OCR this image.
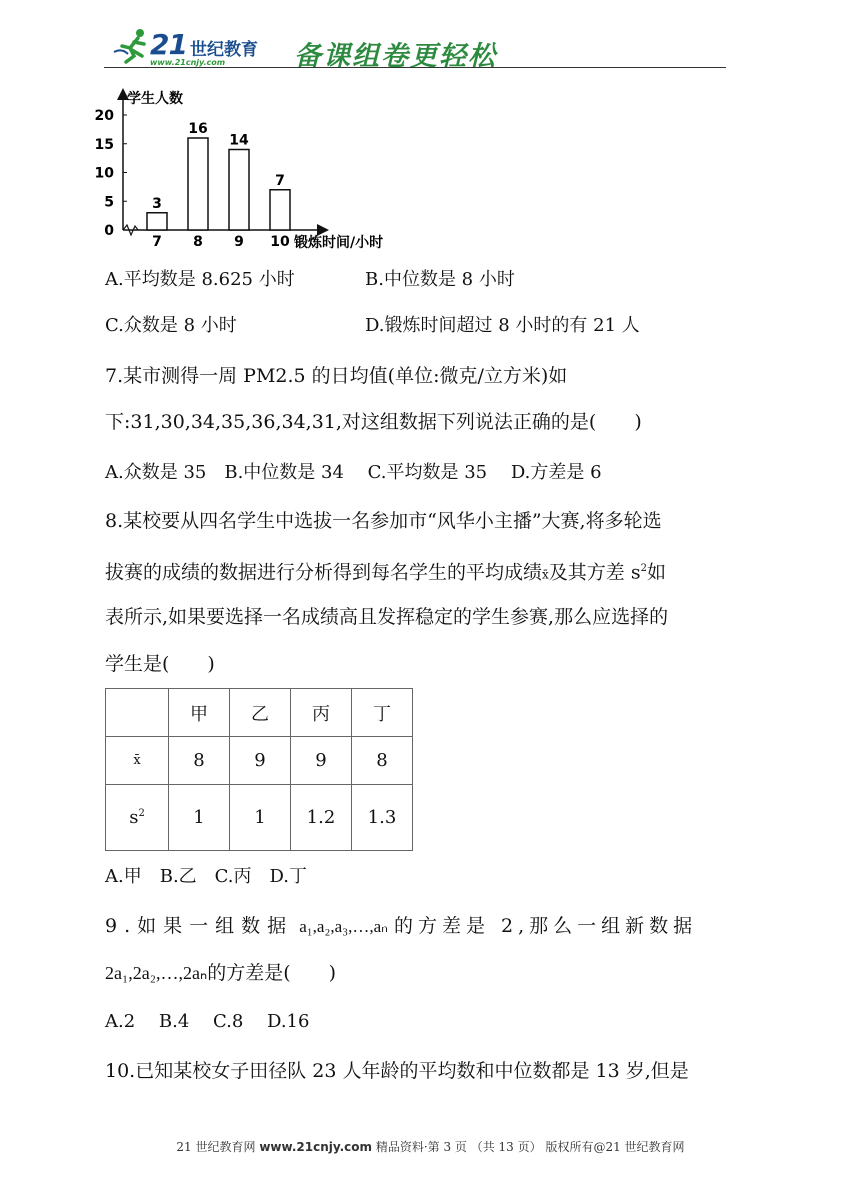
21 世纪教育
www.21cnjy.com	备课组卷更轻松
学生人数
锻炼时间/小时
0
5
10
15
20
3
7
16
8
14
9
7
10
A.平均数是 8.625 小时	B.中位数是 8 小时
C.众数是 8 小时	D.锻炼时间超过 8 小时的有 21 人
7.某市测得一周 PM2.5 的日均值(单位:微克/立方米)如
下:31,30,34,35,36,34,31,对这组数据下列说法正确的是(　　)
A.众数是 35　B.中位数是 34　 C.平均数是 35　 D.方差是 6
8.某校要从四名学生中选拔一名参加市“风华小主播”大赛,将多轮选
拔赛的成绩的数据进行分析得到每名学生的平均成绩x̄及其方差 $s^2$如
表所示,如果要选择一名成绩高且发挥稳定的学生参赛,那么应选择的
学生是(　　)
	甲	乙	丙	丁
x̄	8	9	9	8
$s^2$	1	1	1.2	1.3
A.甲　B.乙　C.丙　D.丁
9.如果一组数据 a₁,a₂,a₃,…,aₙ 的方差是 2,那么一组新数据
2a₁,2a₂,…,2aₙ的方差是(　　)
A.2　 B.4　 C.8　 D.16
10.已知某校女子田径队 23 人年龄的平均数和中位数都是 13 岁,但是
21 世纪教育网 www.21cnjy.com 精品资料·第 3 页 （共 13 页） 版权所有@21 世纪教育网
